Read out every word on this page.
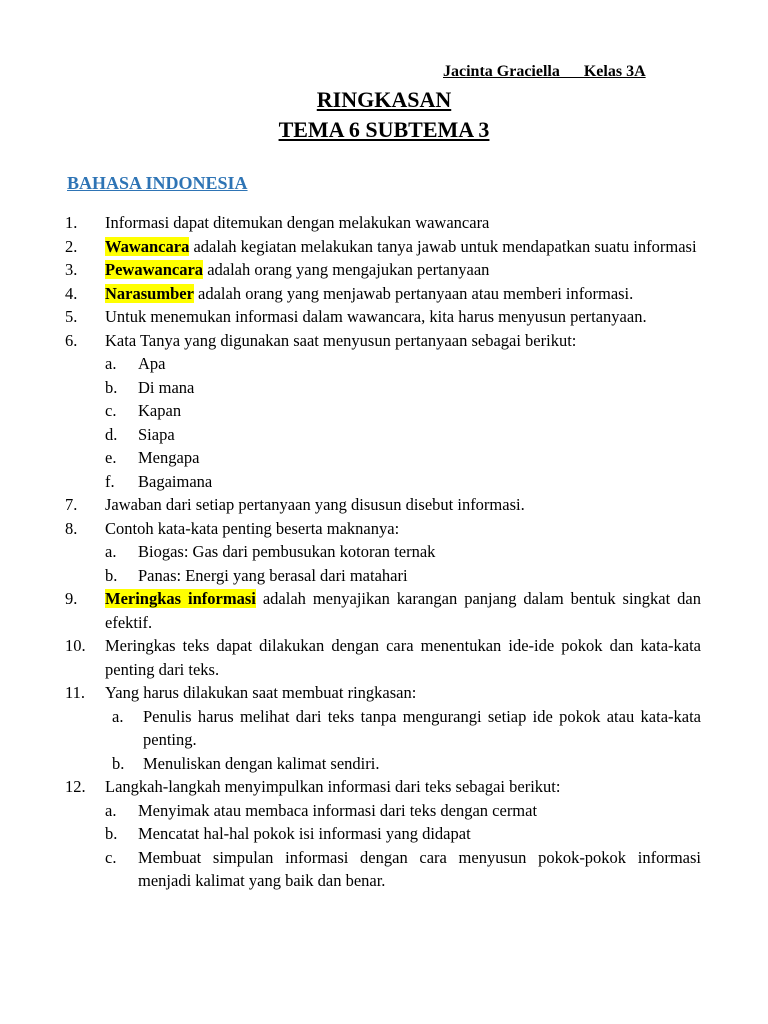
Jacinta Graciella      Kelas 3A
RINGKASAN
TEMA 6 SUBTEMA 3
BAHASA INDONESIA
1.	Informasi dapat ditemukan dengan melakukan wawancara
2.	Wawancara adalah kegiatan melakukan tanya jawab untuk mendapatkan suatu informasi
3.	Pewawancara adalah orang yang mengajukan pertanyaan
4.	Narasumber adalah orang yang menjawab pertanyaan atau memberi informasi.
5.	Untuk menemukan informasi dalam wawancara, kita harus menyusun pertanyaan.
6.	Kata Tanya yang digunakan saat menyusun pertanyaan sebagai berikut:
a. Apa
b. Di mana
c. Kapan
d. Siapa
e. Mengapa
f. Bagaimana
7.	Jawaban dari setiap pertanyaan yang disusun disebut informasi.
8.	Contoh kata-kata penting beserta maknanya:
a. Biogas: Gas dari pembusukan kotoran ternak
b. Panas: Energi yang berasal dari matahari
9.	Meringkas informasi adalah menyajikan karangan panjang dalam bentuk singkat dan efektif.
10.	Meringkas teks dapat dilakukan dengan cara menentukan ide-ide pokok dan kata-kata penting dari teks.
11.	Yang harus dilakukan saat membuat ringkasan:
a. Penulis harus melihat dari teks tanpa mengurangi setiap ide pokok atau kata-kata penting.
b. Menuliskan dengan kalimat sendiri.
12.	Langkah-langkah menyimpulkan informasi dari teks sebagai berikut:
a. Menyimak atau membaca informasi dari teks dengan cermat
b. Mencatat hal-hal pokok isi informasi yang didapat
c. Membuat simpulan informasi dengan cara menyusun pokok-pokok informasi menjadi kalimat yang baik dan benar.
